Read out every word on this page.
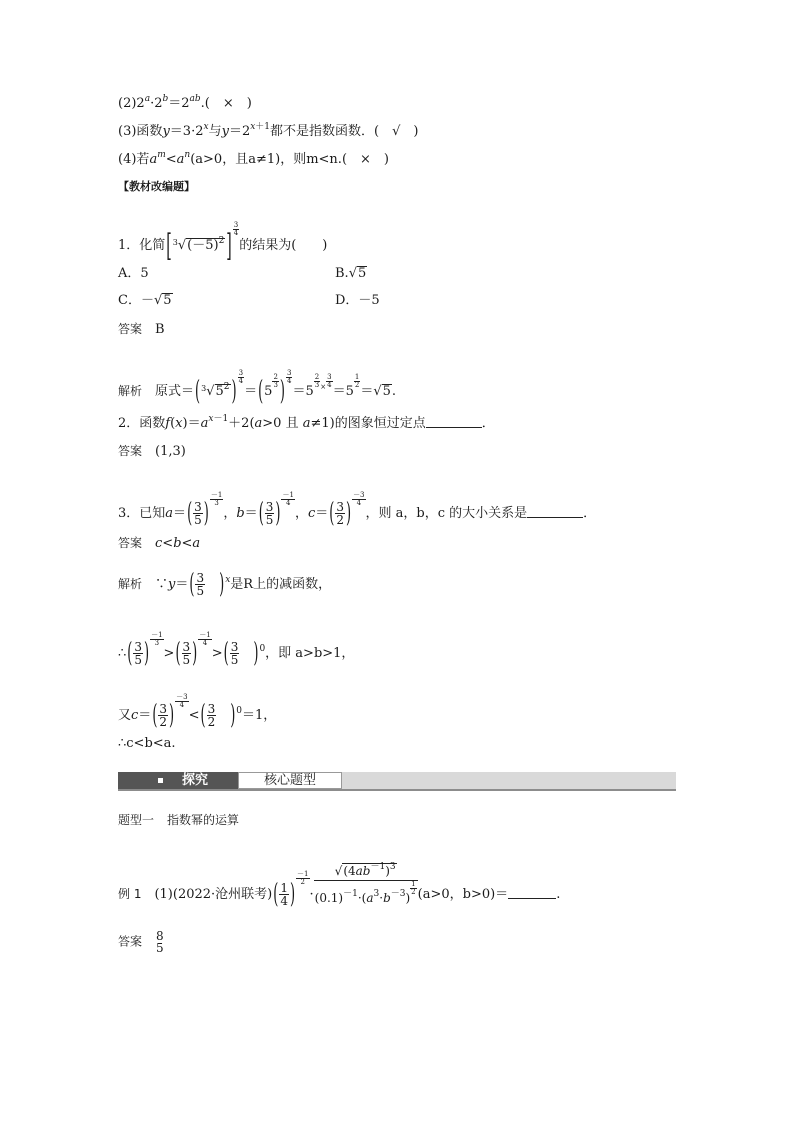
$(2)2^a\cdot 2^b=2^{ab}$.(　×　)
(3)函数$y=3\cdot 2^x$与$y=2^{x+1}$都不是指数函数．(　√　)
(4)若$a^m<a^n(a>0$，且a≠1)，则m<n.(　×　)
【教材改编题】
1．化简[$^3√(-5)^2$ ] $\frac{3}{4}$
的结果为(　　)
A．5	B.√5
C．－√5	D．－5
答案　 B
解析　 原式$=(^3√5^2$ ) $\frac{3}{4}$
＝(5
$\frac{2}{3}$ ) $\frac{3}{4}$
＝5
$\frac{2}{3} ^\times \frac{3}{4}$
＝5
$\frac{1}{2}$
＝√5.
2．函数$f(x)=a^{x-1}+2(a>0$ 且 a≠1)的图象恒过定点	．
答案　 (1,3)
3．已知$a=( \frac{3}{5}$ ) $\frac{-1}{3}$
，$b=( \frac{3}{5}$ ) $\frac{-1}{4}$
，$c=( \frac{3}{2}$ ) $\frac{-3}{4}$
，则 a，b，c 的大小关系是	．
答案　 c<b<a
解析　∵y＝( $\frac{3}{5}$
　 )$^x$是R上的减函数，
∴( $\frac{3}{5}$ ) $\frac{-1}{3}$
>( $\frac{3}{5}$ ) $\frac{-1}{4}$
>( $\frac{3}{5}$
　 )$^0$，即 a>b>1，
又$c=( \frac{3}{2}$ ) $\frac{-3}{4}$
<( $\frac{3}{2}$
　 )$^0$＝1，
∴c<b<a.
探究	核心题型
题型一　 指数幂的运算
例 1　 (1)(2022·沧州联考)( $\frac{1}{4}$ )
$\frac{-1}{2}$
· $√(4ab^{-1})^3$
$(0.1)^{-1}\cdot(a^3\cdot b^{-3})$
$\frac{1}{2} (a>0$，b>0)＝	.
答案　 8
5
